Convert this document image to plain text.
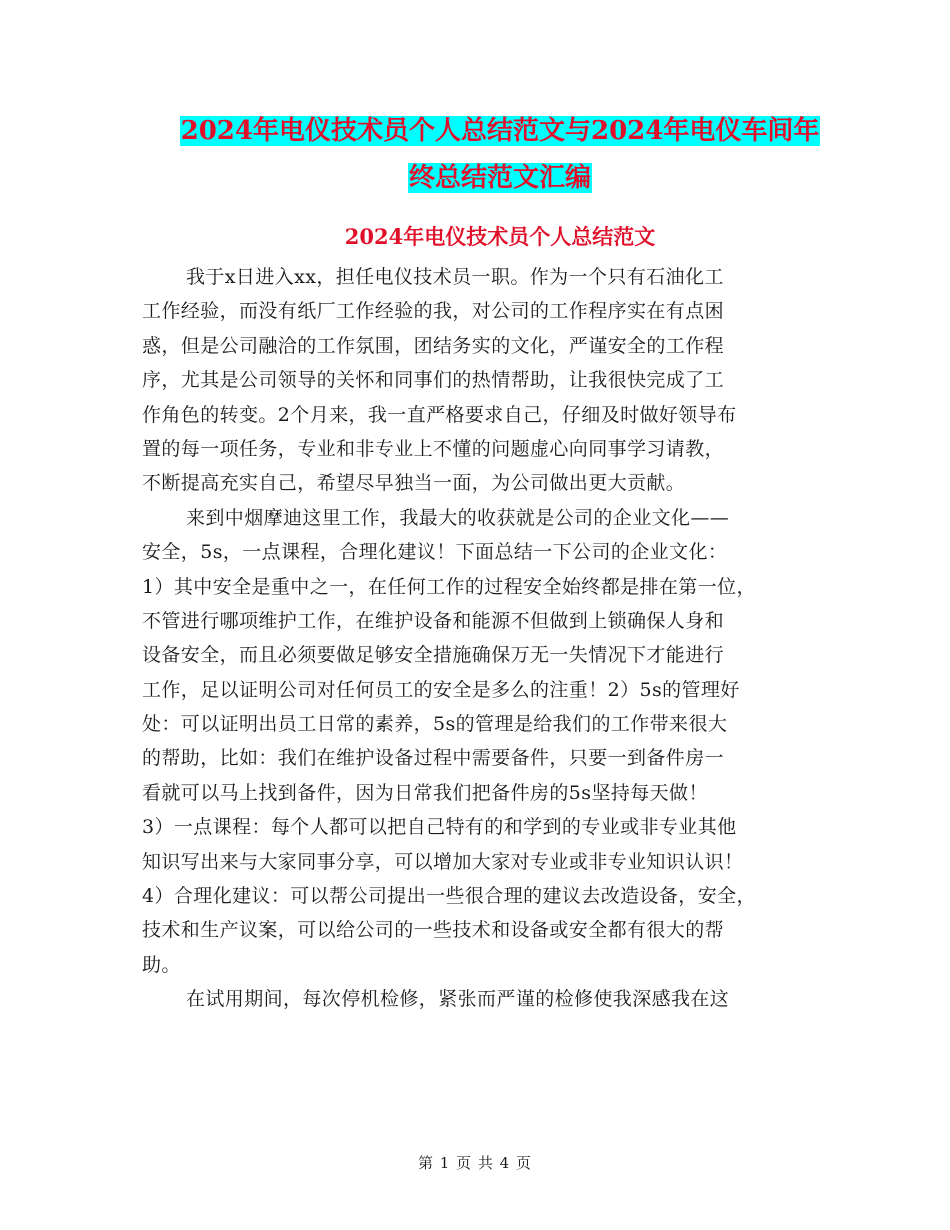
2024年电仪技术员个人总结范文与2024年电仪车间年
终总结范文汇编
2024年电仪技术员个人总结范文
我于x日进入xx，担任电仪技术员一职。作为一个只有石油化工
工作经验，而没有纸厂工作经验的我，对公司的工作程序实在有点困
惑，但是公司融洽的工作氛围，团结务实的文化，严谨安全的工作程
序，尤其是公司领导的关怀和同事们的热情帮助，让我很快完成了工
作角色的转变。2个月来，我一直严格要求自己，仔细及时做好领导布
置的每一项任务，专业和非专业上不懂的问题虚心向同事学习请教，
不断提高充实自己，希望尽早独当一面，为公司做出更大贡献。
来到中烟摩迪这里工作，我最大的收获就是公司的企业文化——
安全，5s，一点课程，合理化建议！下面总结一下公司的企业文化：
1）其中安全是重中之一，在任何工作的过程安全始终都是排在第一位，
不管进行哪项维护工作，在维护设备和能源不但做到上锁确保人身和
设备安全，而且必须要做足够安全措施确保万无一失情况下才能进行
工作，足以证明公司对任何员工的安全是多么的注重！2）5s的管理好
处：可以证明出员工日常的素养，5s的管理是给我们的工作带来很大
的帮助，比如：我们在维护设备过程中需要备件，只要一到备件房一
看就可以马上找到备件，因为日常我们把备件房的5s坚持每天做！
3）一点课程：每个人都可以把自己特有的和学到的专业或非专业其他
知识写出来与大家同事分享，可以增加大家对专业或非专业知识认识！
4）合理化建议：可以帮公司提出一些很合理的建议去改造设备，安全，
技术和生产议案，可以给公司的一些技术和设备或安全都有很大的帮
助。
在试用期间，每次停机检修，紧张而严谨的检修使我深感我在这
第 1 页 共 4 页
